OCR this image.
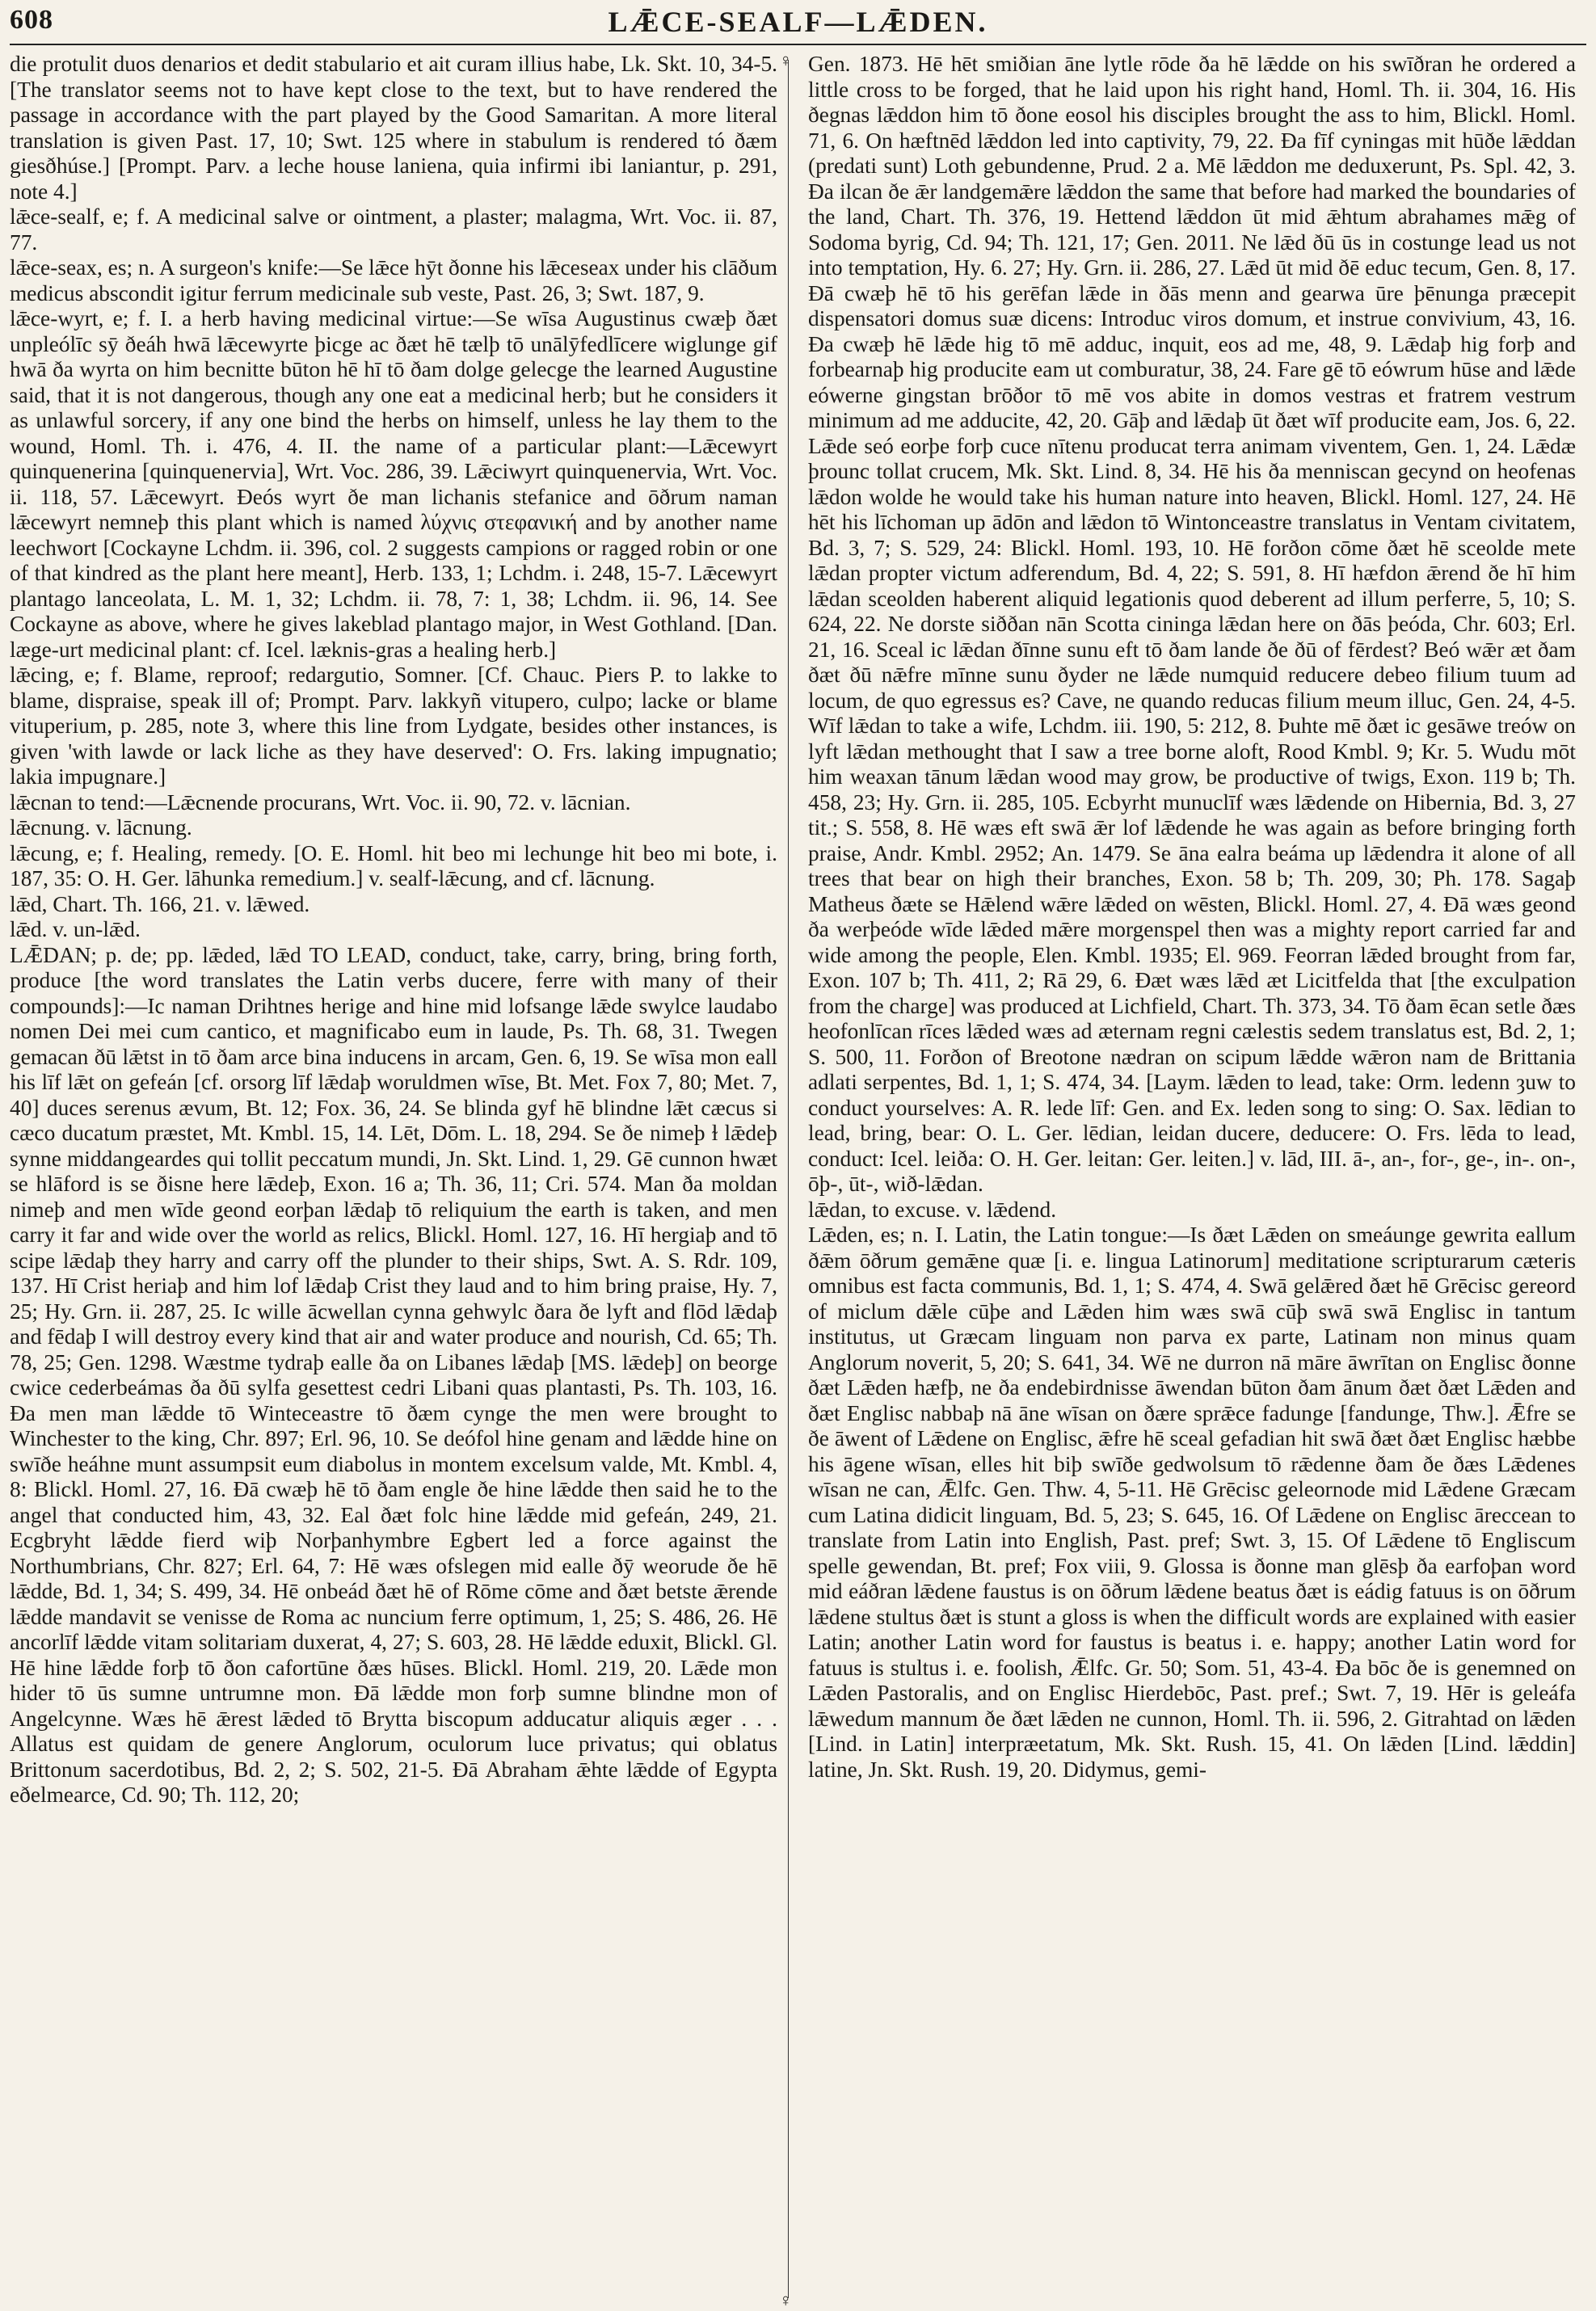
608	LǢCE-SEALF—LǢDEN.

die protulit duos denarios et dedit stabulario et ait curam illius habe, Lk. Skt. 10, 34-5. [The translator seems not to have kept close to the text, but to have rendered the passage in accordance with the part played by the Good Samaritan. A more literal translation is given Past. 17, 10; Swt. 125 where in stabulum is rendered tó ðæm giesðhúse.] [Prompt. Parv. a leche house laniena, quia infirmi ibi laniantur, p. 291, note 4.]

lǣce-sealf, e; f. A medicinal salve or ointment, a plaster; malagma, Wrt. Voc. ii. 87, 77.

lǣce-seax, es; n. A surgeon's knife:—Se lǣce hȳt ðonne his lǣceseax under his clāðum medicus abscondit igitur ferrum medicinale sub veste, Past. 26, 3; Swt. 187, 9.

lǣce-wyrt, e; f. I. a herb having medicinal virtue:—Se wīsa Augustinus cwæþ ðæt unpleólīc sȳ ðeáh hwā lǣcewyrte þicge ac ðæt hē tælþ tō unālȳfedlīcere wiglunge gif hwā ða wyrta on him becnitte būton hē hī tō ðam dolge gelecge the learned Augustine said, that it is not dangerous, though any one eat a medicinal herb; but he considers it as unlawful sorcery, if any one bind the herbs on himself, unless he lay them to the wound, Homl. Th. i. 476, 4. II. the name of a particular plant:—Lǣcewyrt quinquenerina [quinquenervia], Wrt. Voc. 286, 39. Lǣciwyrt quinquenervia, Wrt. Voc. ii. 118, 57. Lǣcewyrt. Ðeós wyrt ðe man lichanis stefanice and ōðrum naman lǣcewyrt nemneþ this plant which is named λύχνις στεφανική and by another name leechwort [Cockayne Lchdm. ii. 396, col. 2 suggests campions or ragged robin or one of that kindred as the plant here meant], Herb. 133, 1; Lchdm. i. 248, 15-7. Lǣcewyrt plantago lanceolata, L. M. 1, 32; Lchdm. ii. 78, 7: 1, 38; Lchdm. ii. 96, 14. See Cockayne as above, where he gives lakeblad plantago major, in West Gothland. [Dan. læge-urt medicinal plant: cf. Icel. læknis-gras a healing herb.]

lǣcing, e; f. Blame, reproof; redargutio, Somner. [Cf. Chauc. Piers P. to lakke to blame, dispraise, speak ill of; Prompt. Parv. lakkyñ vitupero, culpo; lacke or blame vituperium, p. 285, note 3, where this line from Lydgate, besides other instances, is given 'with lawde or lack liche as they have deserved': O. Frs. laking impugnatio; lakia impugnare.]

lǣcnan to tend:—Lǣcnende procurans, Wrt. Voc. ii. 90, 72. v. lācnian.

lǣcnung. v. lācnung.

lǣcung, e; f. Healing, remedy. [O. E. Homl. hit beo mi lechunge hit beo mi bote, i. 187, 35: O. H. Ger. lāhunka remedium.] v. sealf-lǣcung, and cf. lācnung.

lǣd, Chart. Th. 166, 21. v. lǣwed.

lǣd. v. un-lǣd.

LǢDAN; p. de; pp. lǣded, lǣd TO LEAD, conduct, take, carry, bring, bring forth, produce [the word translates the Latin verbs ducere, ferre with many of their compounds]:—Ic naman Drihtnes herige and hine mid lofsange lǣde swylce laudabo nomen Dei mei cum cantico, et magnificabo eum in laude, Ps. Th. 68, 31. Twegen gemacan ðū lǣtst in tō ðam arce bina inducens in arcam, Gen. 6, 19. Se wīsa mon eall his līf lǣt on gefeán [cf. orsorg līf lǣdaþ woruldmen wīse, Bt. Met. Fox 7, 80; Met. 7, 40] duces serenus ævum, Bt. 12; Fox. 36, 24. Se blinda gyf hē blindne lǣt cæcus si cæco ducatum præstet, Mt. Kmbl. 15, 14. Lēt, Dōm. L. 18, 294. Se ðe nimeþ ɫ lǣdeþ synne middangeardes qui tollit peccatum mundi, Jn. Skt. Lind. 1, 29. Gē cunnon hwæt se hlāford is se ðisne here lǣdeþ, Exon. 16 a; Th. 36, 11; Cri. 574. Man ða moldan nimeþ and men wīde geond eorþan lǣdaþ tō reliquium the earth is taken, and men carry it far and wide over the world as relics, Blickl. Homl. 127, 16. Hī hergiaþ and tō scipe lǣdaþ they harry and carry off the plunder to their ships, Swt. A. S. Rdr. 109, 137. Hī Crist heriaþ and him lof lǣdaþ Crist they laud and to him bring praise, Hy. 7, 25; Hy. Grn. ii. 287, 25. Ic wille ācwellan cynna gehwylc ðara ðe lyft and flōd lǣdaþ and fēdaþ I will destroy every kind that air and water produce and nourish, Cd. 65; Th. 78, 25; Gen. 1298. Wæstme tydraþ ealle ða on Libanes lǣdaþ [MS. lǣdeþ] on beorge cwice cederbeámas ða ðū sylfa gesettest cedri Libani quas plantasti, Ps. Th. 103, 16. Ða men man lǣdde tō Winteceastre tō ðæm cynge the men were brought to Winchester to the king, Chr. 897; Erl. 96, 10. Se deófol hine genam and lǣdde hine on swīðe heáhne munt assumpsit eum diabolus in montem excelsum valde, Mt. Kmbl. 4, 8: Blickl. Homl. 27, 16. Ðā cwæþ hē tō ðam engle ðe hine lǣdde then said he to the angel that conducted him, 43, 32. Eal ðæt folc hine lǣdde mid gefeán, 249, 21. Ecgbryht lǣdde fierd wiþ Norþanhymbre Egbert led a force against the Northumbrians, Chr. 827; Erl. 64, 7: Hē wæs ofslegen mid ealle ðȳ weorude ðe hē lǣdde, Bd. 1, 34; S. 499, 34. Hē onbeád ðæt hē of Rōme cōme and ðæt betste ǣrende lǣdde mandavit se venisse de Roma ac nuncium ferre optimum, 1, 25; S. 486, 26. Hē ancorlīf lǣdde vitam solitariam duxerat, 4, 27; S. 603, 28. Hē lǣdde eduxit, Blickl. Gl. Hē hine lǣdde forþ tō ðon cafortūne ðæs hūses. Blickl. Homl. 219, 20. Lǣde mon hider tō ūs sumne untrumne mon. Ðā lǣdde mon forþ sumne blindne mon of Angelcynne. Wæs hē ǣrest lǣded tō Brytta biscopum adducatur aliquis æger . . . Allatus est quidam de genere Anglorum, oculorum luce privatus; qui oblatus Brittonum sacerdotibus, Bd. 2, 2; S. 502, 21-5. Ðā Abraham ǣhte lǣdde of Egypta eðelmearce, Cd. 90; Th. 112, 20;

♀
♀

Gen. 1873. Hē hēt smiðian āne lytle rōde ða hē lǣdde on his swīðran he ordered a little cross to be forged, that he laid upon his right hand, Homl. Th. ii. 304, 16. His ðegnas lǣddon him tō ðone eosol his disciples brought the ass to him, Blickl. Homl. 71, 6. On hæftnēd lǣddon led into captivity, 79, 22. Ða fīf cyningas mit hūðe lǣddan (predati sunt) Loth gebundenne, Prud. 2 a. Mē lǣddon me deduxerunt, Ps. Spl. 42, 3. Ða ilcan ðe ǣr landgemǣre lǣddon the same that before had marked the boundaries of the land, Chart. Th. 376, 19. Hettend lǣddon ūt mid ǣhtum abrahames mǣg of Sodoma byrig, Cd. 94; Th. 121, 17; Gen. 2011. Ne lǣd ðū ūs in costunge lead us not into temptation, Hy. 6. 27; Hy. Grn. ii. 286, 27. Lǣd ūt mid ðē educ tecum, Gen. 8, 17. Ðā cwæþ hē tō his gerēfan lǣde in ðās menn and gearwa ūre þēnunga præcepit dispensatori domus suæ dicens: Introduc viros domum, et instrue convivium, 43, 16. Ða cwæþ hē lǣde hig tō mē adduc, inquit, eos ad me, 48, 9. Lǣdaþ hig forþ and forbearnaþ hig producite eam ut comburatur, 38, 24. Fare gē tō eówrum hūse and lǣde eówerne gingstan brōðor tō mē vos abite in domos vestras et fratrem vestrum minimum ad me adducite, 42, 20. Gāþ and lǣdaþ ūt ðæt wīf producite eam, Jos. 6, 22. Lǣde seó eorþe forþ cuce nītenu producat terra animam viventem, Gen. 1, 24. Lǣdæ þrounc tollat crucem, Mk. Skt. Lind. 8, 34. Hē his ða menniscan gecynd on heofenas lǣdon wolde he would take his human nature into heaven, Blickl. Homl. 127, 24. Hē hēt his līchoman up ādōn and lǣdon tō Wintonceastre translatus in Ventam civitatem, Bd. 3, 7; S. 529, 24: Blickl. Homl. 193, 10. Hē forðon cōme ðæt hē sceolde mete lǣdan propter victum adferendum, Bd. 4, 22; S. 591, 8. Hī hæfdon ǣrend ðe hī him lǣdan sceolden haberent aliquid legationis quod deberent ad illum perferre, 5, 10; S. 624, 22. Ne dorste siððan nān Scotta cininga lǣdan here on ðās þeóda, Chr. 603; Erl. 21, 16. Sceal ic lǣdan ðīnne sunu eft tō ðam lande ðe ðū of fērdest? Beó wǣr æt ðam ðæt ðū nǣfre mīnne sunu ðyder ne lǣde numquid reducere debeo filium tuum ad locum, de quo egressus es? Cave, ne quando reducas filium meum illuc, Gen. 24, 4-5. Wīf lǣdan to take a wife, Lchdm. iii. 190, 5: 212, 8. Þuhte mē ðæt ic gesāwe treów on lyft lǣdan methought that I saw a tree borne aloft, Rood Kmbl. 9; Kr. 5. Wudu mōt him weaxan tānum lǣdan wood may grow, be productive of twigs, Exon. 119 b; Th. 458, 23; Hy. Grn. ii. 285, 105. Ecbyrht munuclīf wæs lǣdende on Hibernia, Bd. 3, 27 tit.; S. 558, 8. Hē wæs eft swā ǣr lof lǣdende he was again as before bringing forth praise, Andr. Kmbl. 2952; An. 1479. Se āna ealra beáma up lǣdendra it alone of all trees that bear on high their branches, Exon. 58 b; Th. 209, 30; Ph. 178. Sagaþ Matheus ðæte se Hǣlend wǣre lǣded on wēsten, Blickl. Homl. 27, 4. Ðā wæs geond ða werþeóde wīde lǣded mǣre morgenspel then was a mighty report carried far and wide among the people, Elen. Kmbl. 1935; El. 969. Feorran lǣded brought from far, Exon. 107 b; Th. 411, 2; Rā 29, 6. Ðæt wæs lǣd æt Licitfelda that [the exculpation from the charge] was produced at Lichfield, Chart. Th. 373, 34. Tō ðam ēcan setle ðæs heofonlīcan rīces lǣded wæs ad æternam regni cælestis sedem translatus est, Bd. 2, 1; S. 500, 11. Forðon of Breotone nædran on scipum lǣdde wǣron nam de Brittania adlati serpentes, Bd. 1, 1; S. 474, 34. [Laym. lǣden to lead, take: Orm. ledenn ȝuw to conduct yourselves: A. R. lede līf: Gen. and Ex. leden song to sing: O. Sax. lēdian to lead, bring, bear: O. L. Ger. lēdian, leidan ducere, deducere: O. Frs. lēda to lead, conduct: Icel. leiða: O. H. Ger. leitan: Ger. leiten.] v. lād, III. ā-, an-, for-, ge-, in-. on-, ōþ-, ūt-, wið-lǣdan.

lǣdan, to excuse. v. lǣdend.

Lǣden, es; n. I. Latin, the Latin tongue:—Is ðæt Lǣden on smeáunge gewrita eallum ðǣm ōðrum gemǣne quæ [i. e. lingua Latinorum] meditatione scripturarum cæteris omnibus est facta communis, Bd. 1, 1; S. 474, 4. Swā gelǣred ðæt hē Grēcisc gereord of miclum dǣle cūþe and Lǣden him wæs swā cūþ swā swā Englisc in tantum institutus, ut Græcam linguam non parva ex parte, Latinam non minus quam Anglorum noverit, 5, 20; S. 641, 34. Wē ne durron nā māre āwrītan on Englisc ðonne ðæt Lǣden hæfþ, ne ða endebirdnisse āwendan būton ðam ānum ðæt ðæt Lǣden and ðæt Englisc nabbaþ nā āne wīsan on ðære sprǣce fadunge [fandunge, Thw.]. Ǣfre se ðe āwent of Lǣdene on Englisc, ǣfre hē sceal gefadian hit swā ðæt ðæt Englisc hæbbe his āgene wīsan, elles hit biþ swīðe gedwolsum tō rǣdenne ðam ðe ðæs Lǣdenes wīsan ne can, Ǣlfc. Gen. Thw. 4, 5-11. Hē Grēcisc geleornode mid Lǣdene Græcam cum Latina didicit linguam, Bd. 5, 23; S. 645, 16. Of Lǣdene on Englisc āreccean to translate from Latin into English, Past. pref; Swt. 3, 15. Of Lǣdene tō Engliscum spelle gewendan, Bt. pref; Fox viii, 9. Glossa is ðonne man glēsþ ða earfoþan word mid eáðran lǣdene faustus is on ōðrum lǣdene beatus ðæt is eádig fatuus is on ōðrum lǣdene stultus ðæt is stunt a gloss is when the difficult words are explained with easier Latin; another Latin word for faustus is beatus i. e. happy; another Latin word for fatuus is stultus i. e. foolish, Ǣlfc. Gr. 50; Som. 51, 43-4. Ða bōc ðe is genemned on Lǣden Pastoralis, and on Englisc Hierdebōc, Past. pref.; Swt. 7, 19. Hēr is geleáfa lǣwedum mannum ðe ðæt lǣden ne cunnon, Homl. Th. ii. 596, 2. Gitrahtad on lǣden [Lind. in Latin] interpræetatum, Mk. Skt. Rush. 15, 41. On lǣden [Lind. lǣddin] latine, Jn. Skt. Rush. 19, 20. Didymus, gemi-
